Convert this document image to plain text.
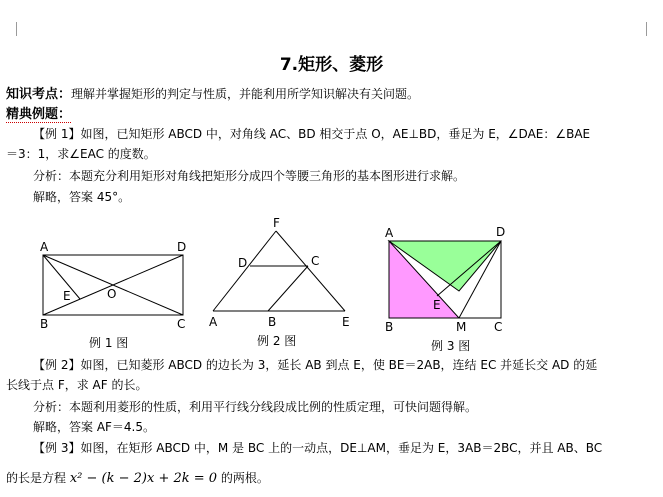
7.矩形、菱形
知识考点：理解并掌握矩形的判定与性质，并能利用所学知识解决有关问题。
精典例题：
【例 1】如图，已知矩形 ABCD 中，对角线 AC、BD 相交于点 O，AE⊥BD，垂足为 E，∠DAE：∠BAE
＝3：1，求∠EAC 的度数。
分析：本题充分利用矩形对角线把矩形分成四个等腰三角形的基本图形进行求解。
解略，答案 45°。
A	D
B	C
E	O
F
D	C
A	B	E
A	D
E
B	M C
例 1 图	例 2 图	例 3 图
【例 2】如图，已知菱形 ABCD 的边长为 3，延长 AB 到点 E，使 BE＝2AB，连结 EC 并延长交 AD 的延
长线于点 F，求 AF 的长。
分析：本题利用菱形的性质，利用平行线分线段成比例的性质定理，可快问题得解。
解略，答案 AF＝4.5。
【例 3】如图，在矩形 ABCD 中，M 是 BC 上的一动点，DE⊥AM，垂足为 E，3AB＝2BC，并且 AB、BC
的长是方程 x² − (k − 2)x + 2k = 0 的两根。
